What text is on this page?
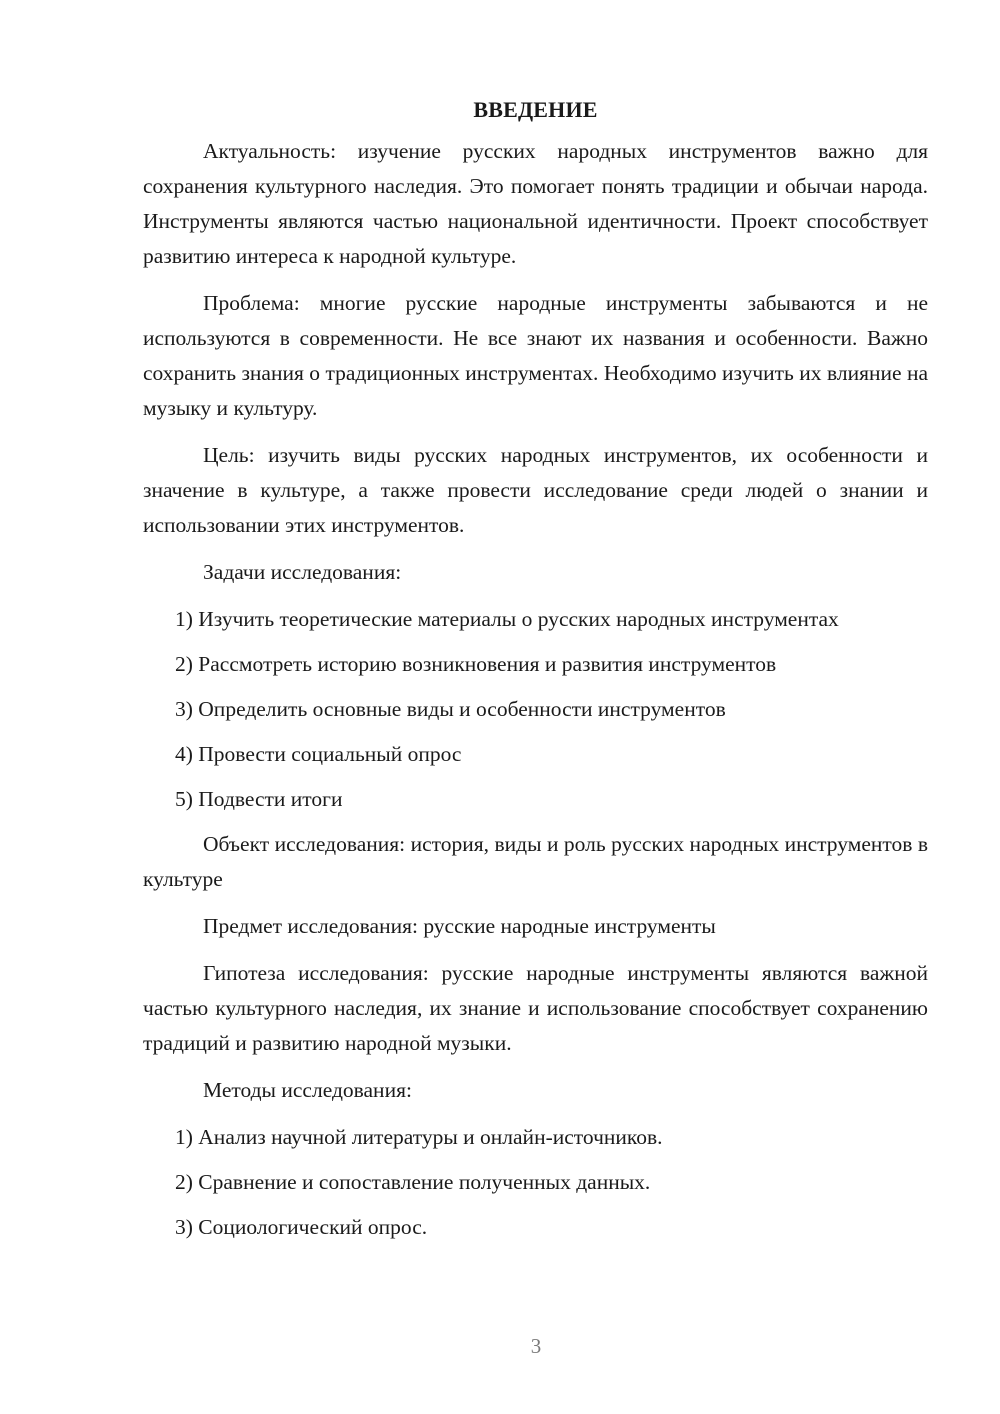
ВВЕДЕНИЕ

Актуальность: изучение русских народных инструментов важно для сохранения культурного наследия. Это помогает понять традиции и обычаи народа. Инструменты являются частью национальной идентичности. Проект способствует развитию интереса к народной культуре.

Проблема: многие русские народные инструменты забываются и не используются в современности. Не все знают их названия и особенности. Важно сохранить знания о традиционных инструментах. Необходимо изучить их влияние на музыку и культуру.

Цель: изучить виды русских народных инструментов, их особенности и значение в культуре, а также провести исследование среди людей о знании и использовании этих инструментов.

Задачи исследования:

1) Изучить теоретические материалы о русских народных инструментах

2) Рассмотреть историю возникновения и развития инструментов

3) Определить основные виды и особенности инструментов

4) Провести социальный опрос

5) Подвести итоги

Объект исследования: история, виды и роль русских народных инструментов в культуре

Предмет исследования: русские народные инструменты

Гипотеза исследования: русские народные инструменты являются важной частью культурного наследия, их знание и использование способствует сохранению традиций и развитию народной музыки.

Методы исследования:

1) Анализ научной литературы и онлайн-источников.

2) Сравнение и сопоставление полученных данных.

3) Социологический опрос.

3
